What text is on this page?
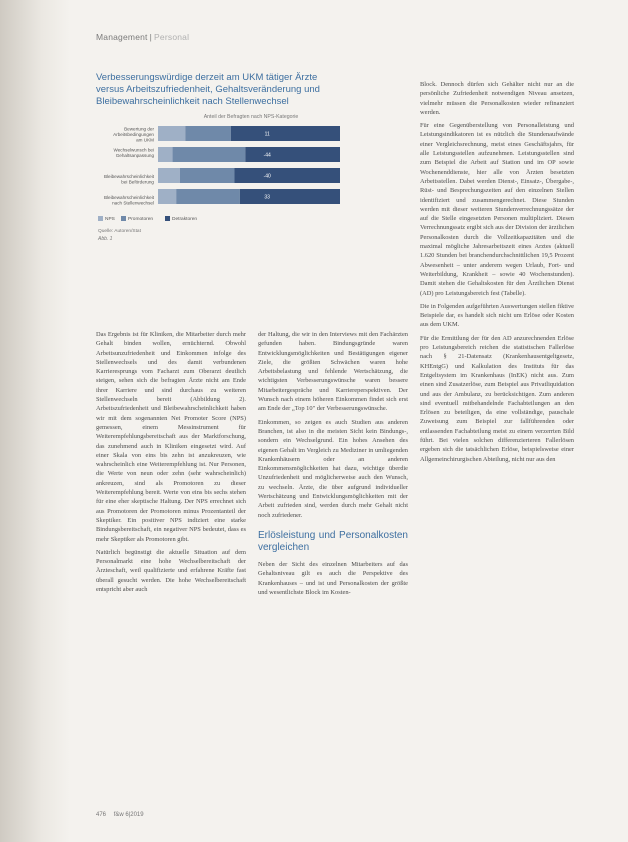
Management | Personal
Verbesserungswürdige derzeit am UKM tätiger Ärzte versus Arbeitszufriedenheit, Gehaltsveränderung und Bleibewahrscheinlichkeit nach Stellenwechsel
Anteil der Befragten nach NPS-Kategorie
Bewertung der
Arbeitsbedingungen
am UKM
11
Wechselwunsch bei
Gehaltsanpassung	-44
Bleibewahrscheinlichkeit
bei Beförderung
-40
Bleibewahrscheinlichkeit
nach Stellenwechsel
33
NPS	Promotoren	Detraktoren
Quelle: Autoren/Stat
Abb. 1

Das Ergebnis ist für Kliniken, die Mitarbeiter durch mehr Gehalt binden wollen, ernüchternd. Obwohl Arbeitsunzufriedenheit und Einkommen infolge des Stellenwechsels und des damit verbundenen Karrieresprungs vom Facharzt zum Oberarzt deutlich steigen, sehen sich die befragten Ärzte nicht am Ende ihrer Karriere und sind durchaus zu weiteren Stellenwechseln bereit (Abbildung 2). Arbeitszufriedenheit und Bleibewahrscheinlichkeit haben wir mit dem sogenannten Net Promoter Score (NPS) gemessen, einem Messinstrument für Weiterempfehlungsbereitschaft aus der Marktforschung, das zunehmend auch in Kliniken eingesetzt wird. Auf einer Skala von eins bis zehn ist anzukreuzen, wie wahrscheinlich eine Weiterempfehlung ist. Nur Personen, die Werte von neun oder zehn (sehr wahrscheinlich) ankreuzen, sind als Promotoren zu dieser Weiterempfehlung bereit. Werte von eins bis sechs stehen für eine eher skeptische Haltung. Der NPS errechnet sich aus Promotoren der Promotoren minus Prozentanteil der Skeptiker. Ein positiver NPS indiziert eine starke Bindungsbereitschaft, ein negativer NPS bedeutet, dass es mehr Skeptiker als Promotoren gibt.

Natürlich begünstigt die aktuelle Situation auf dem Personalmarkt eine hohe Wechselbereitschaft der Ärzteschaft, weil qualifizierte und erfahrene Kräfte fast überall gesucht werden. Die hohe Wechselbereitschaft entspricht aber auch

der Haltung, die wir in den Interviews mit den Fachärzten gefunden haben. Bindungsgründe waren Entwicklungsmöglichkeiten und Bestätigungen eigener Ziele, die größten Schwächen waren hohe Arbeitsbelastung und fehlende Wertschätzung, die wichtigsten Verbesserungswünsche waren bessere Mitarbeitergespräche und Karriereperspektiven. Der Wunsch nach einem höheren Einkommen findet sich erst am Ende der „Top 10" der Verbesserungswünsche.

Einkommen, so zeigen es auch Studien aus anderen Branchen, ist also in die meisten Sicht kein Bindungs-, sondern ein Wechselgrund. Ein hohes Ansehen des eigenen Gehalt im Vergleich zu Mediziner in umliegenden Krankenhäusern oder an anderen Einkommensmöglichkeiten hat dazu, wichtige überdie Unzufriedenheit und möglicherweise auch den Wunsch, zu wechseln. Ärzte, die über aufgrund individueller Wertschätzung und Entwicklungsmöglichkeiten mit der Arbeit zufrieden sind, werden durch mehr Gehalt nicht noch zufriedener.

Erlösleistung und Personalkosten vergleichen

Neben der Sicht des einzelnen Mitarbeiters auf das Gehaltsniveau gilt es auch die Perspektive des Krankenhauses – und ist und Personalkosten der größte und wesentlichste Block im Kosten-

Block. Dennoch dürfen sich Gehälter nicht nur an die persönliche Zufriedenheit notwendigen Niveau ansetzen, vielmehr müssen die Personalkosten wieder refinanziert werden.

Für eine Gegenüberstellung von Personalleistung und Leistungsindikatoren ist es nützlich die Stundenaufwände einer Vergleichsrechnung, meist eines Geschäftsjahrs, für alle Leistungsstellen aufzunehmen. Leistungsstellen sind zum Beispiel die Arbeit auf Station und im OP sowie Wochenenddienste, hier alle von Ärzten besetzten Arbeitsstellen. Dabei werden Dienst-, Einsatz-, Übergabe-, Rüst- und Besprechungszeiten auf den einzelnen Stellen identifiziert und zusammengerechnet. Diese Stunden werden mit dieser weiteren Stundenverrechnungssätze der auf die Stelle eingesetzten Personen multipliziert. Diesen Verrechnungssatz ergibt sich aus der Division der ärztlichen Personalkosten durch die Vollzeitkapazitäten und die maximal mögliche Jahresarbeitszeit eines Arztes (aktuell 1.620 Stunden bei branchendurchschnittlichen 19,5 Prozent Abwesenheit – unter anderem wegen Urlaub, Fort- und Weiterbildung, Krankheit – sowie 40 Wochenstunden). Damit stehen die Gehaltskosten für den Ärztlichen Dienst (AD) pro Leistungsbereich fest (Tabelle).

Die in Folgenden aufgeführten Auswertungen stellen fiktive Beispiele dar, es handelt sich nicht um Erlöse oder Kosten aus dem UKM.

Für die Ermittlung der für den AD anzurechnenden Erlöse pro Leistungsbereich reichen die statistischen Fallerlöse nach § 21-Datensatz (Krankenhausentgeltgesetz, KHEntgG) und Kalkulation des Instituts für das Entgeltsystem im Krankenhaus (InEK) nicht aus. Zum einen sind Zusatzerlöse, zum Beispiel aus Privatliquidation und aus der Ambulanz, zu berücksichtigen. Zum anderen sind eventuell mitbehandelnde Fachabteilungen an den Erlösen zu beteiligen, da eine vollständige, pauschale Zuweisung zum Beispiel zur fallführenden oder entlassenden Fachabteilung meist zu einem verzerrten Bild führt. Bei vielen solchen differenzierteren Fallerlösen ergeben sich die tatsächlichen Erlöse, beispielsweise einer Allgemeinchirurgischen Abteilung, nicht nur aus den

476 f&w 6|2019
